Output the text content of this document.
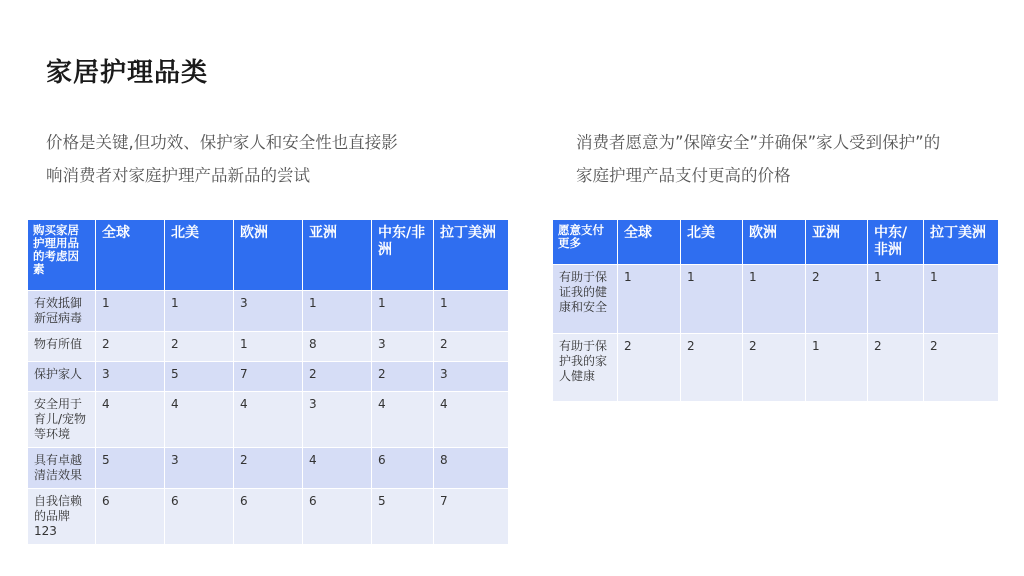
家居护理品类

价格是关键,但功效、保护家人和安全性也直接影
响消费者对家庭护理产品新品的尝试

消费者愿意为”保障安全”并确保”家人受到保护”的
家庭护理产品支付更高的价格

购买家居护理用品的考虑因素	全球	北美	欧洲	亚洲	中东/非洲	拉丁美洲
有效抵御新冠病毒	1	1	3	1	1	1
物有所值	2	2	1	8	3	2
保护家人	3	5	7	2	2	3
安全用于育儿/宠物等环境	4	4	4	3	4	4
具有卓越清洁效果	5	3	2	4	6	8
自我信赖的品牌123	6	6	6	6	5	7
愿意支付更多	全球	北美	欧洲	亚洲	中东/非洲	拉丁美洲
有助于保证我的健康和安全	1	1	1	2	1	1
有助于保护我的家人健康	2	2	2	1	2	2
